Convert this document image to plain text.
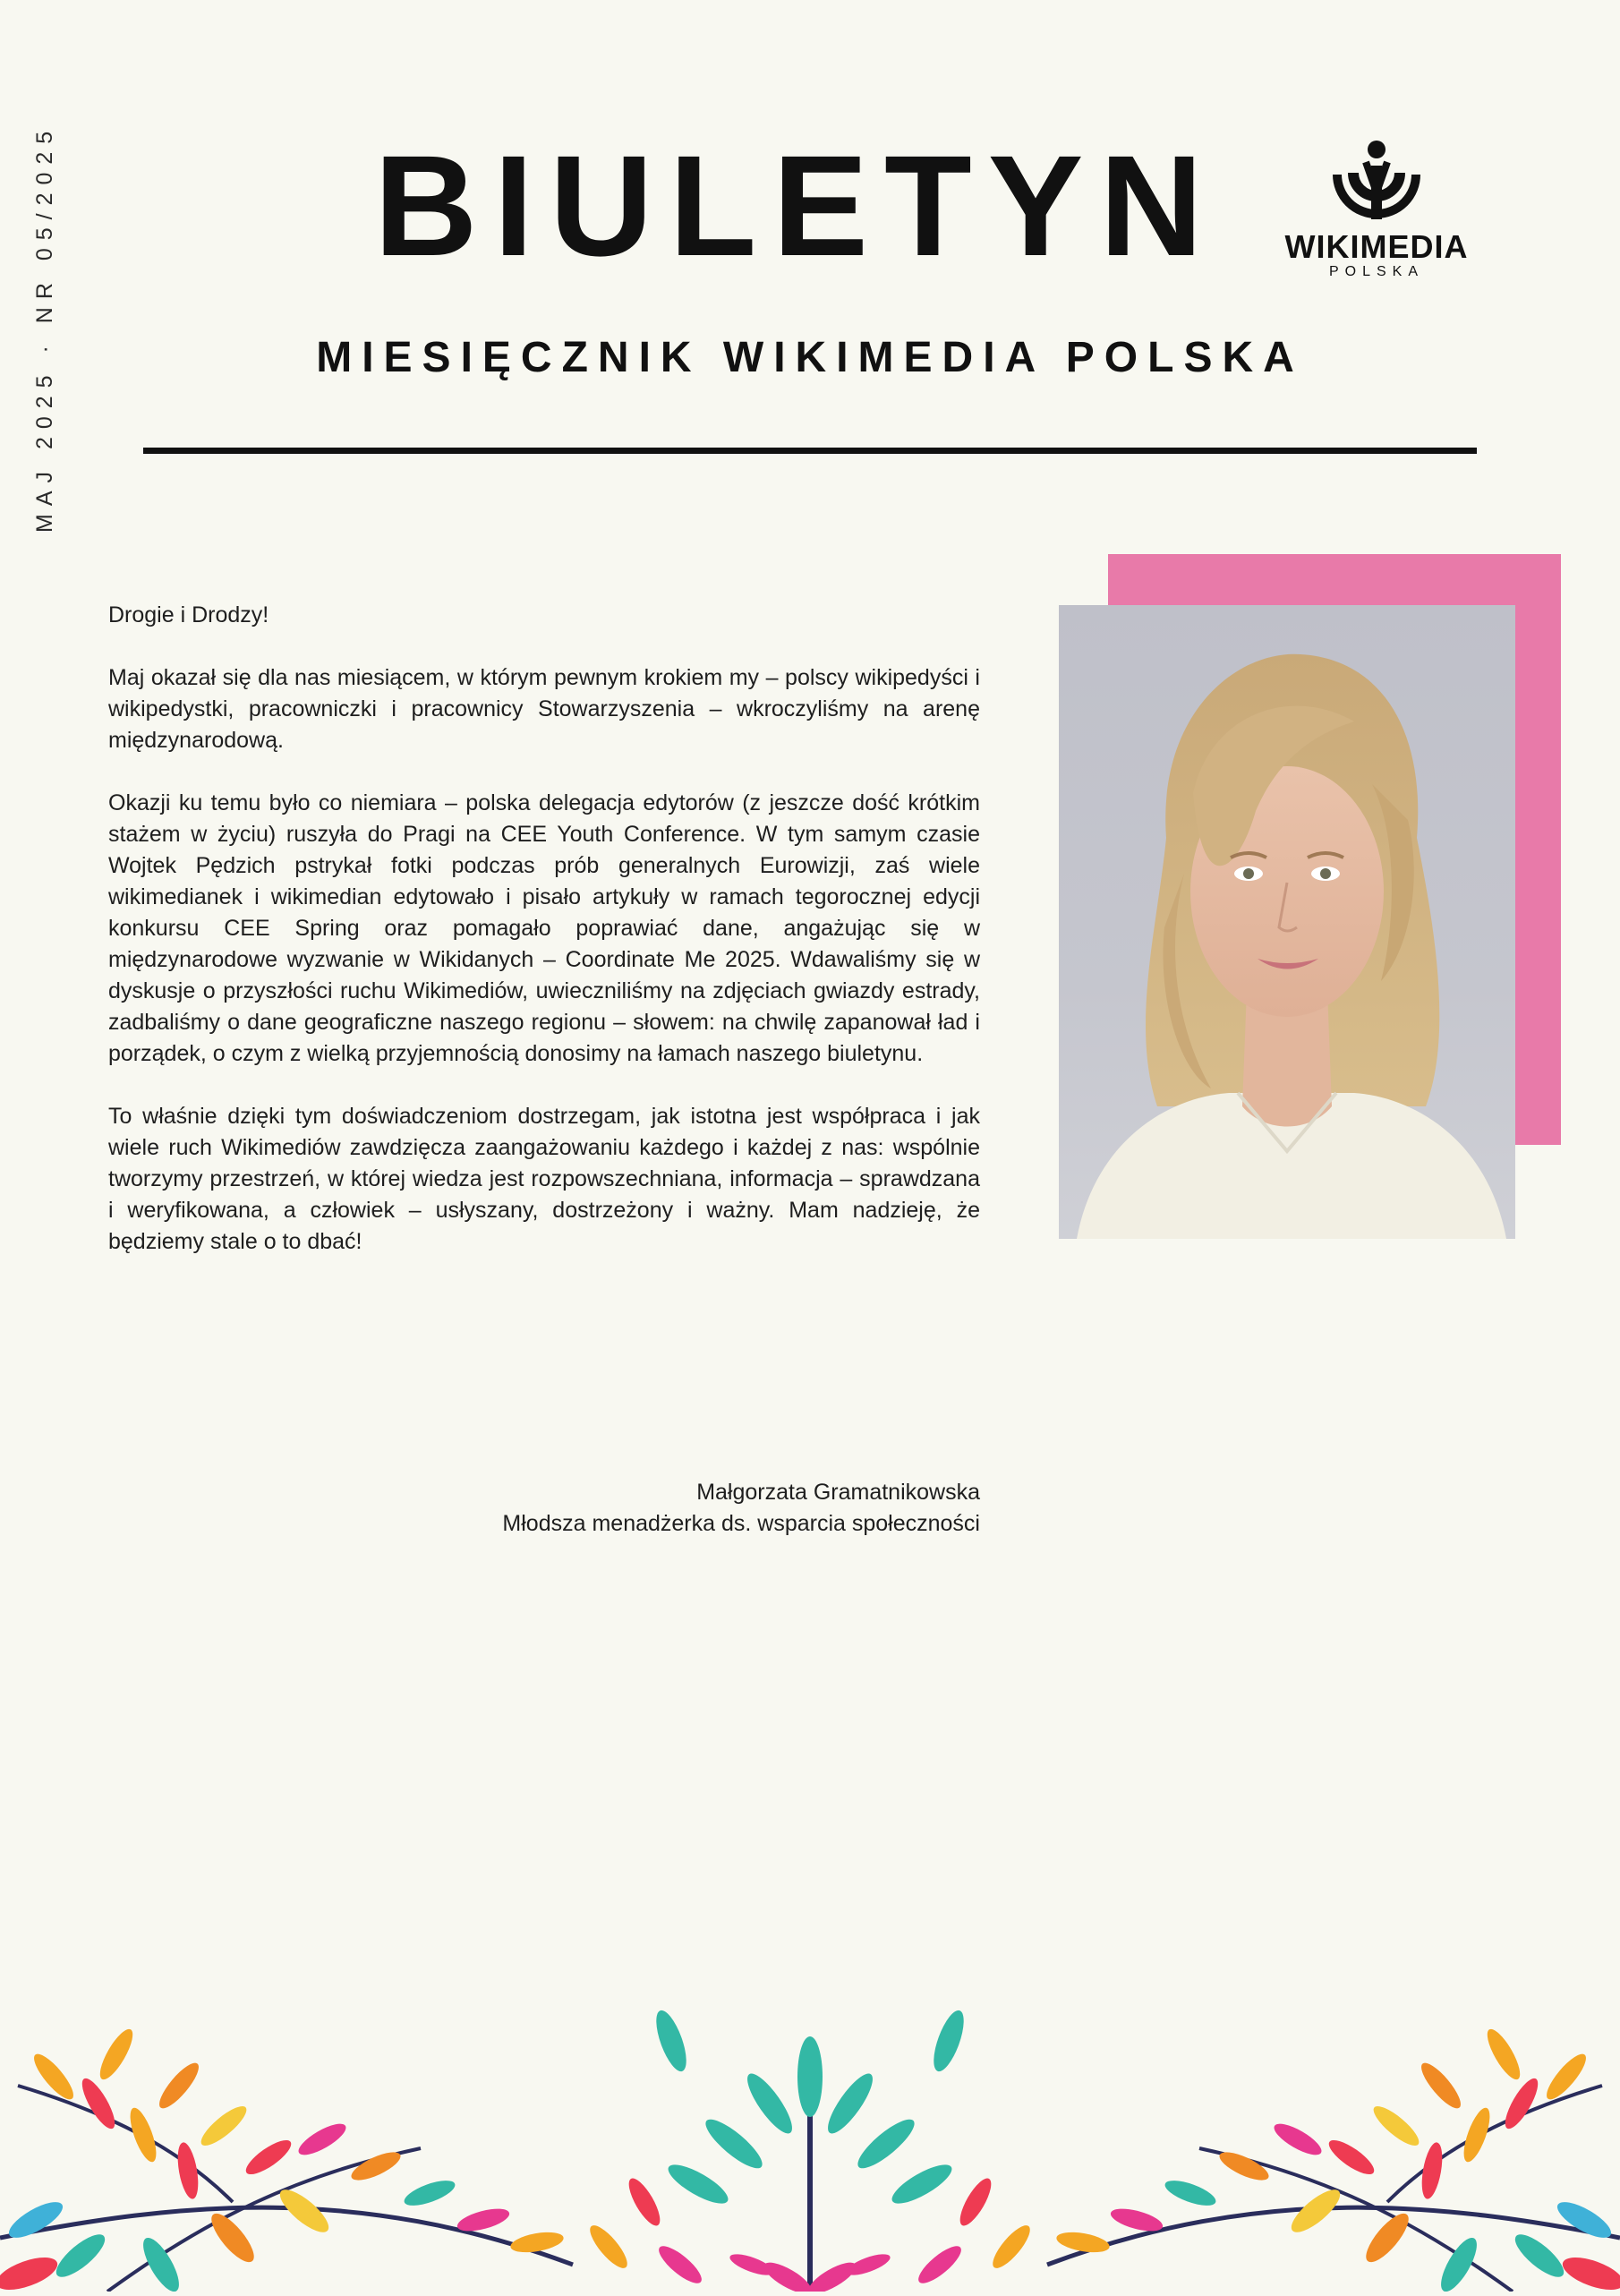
MAJ 2025 · NR 05/2025	BIULETYN	WIKIMEDIA
POLSKA
MIESIĘCZNIK WIKIMEDIA POLSKA

Drogie i Drodzy!

Maj okazał się dla nas miesiącem, w którym pewnym krokiem my – polscy wikipedyści i wikipedystki, pracowniczki i pracownicy Stowarzyszenia – wkroczyliśmy na arenę międzynarodową.

Okazji ku temu było co niemiara – polska delegacja edytorów (z jeszcze dość krótkim stażem w życiu) ruszyła do Pragi na CEE Youth Conference. W tym samym czasie Wojtek Pędzich pstrykał fotki podczas prób generalnych Eurowizji, zaś wiele wikimedianek i wikimedian edytowało i pisało artykuły w ramach tegorocznej edycji konkursu CEE Spring oraz pomagało poprawiać dane, angażując się w międzynarodowe wyzwanie w Wikidanych – Coordinate Me 2025. Wdawaliśmy się w dyskusje o przyszłości ruchu Wikimediów, uwieczniliśmy na zdjęciach gwiazdy estrady, zadbaliśmy o dane geograficzne naszego regionu – słowem: na chwilę zapanował ład i porządek, o czym z wielką przyjemnością donosimy na łamach naszego biuletynu.

To właśnie dzięki tym doświadczeniom dostrzegam, jak istotna jest współpraca i jak wiele ruch Wikimediów zawdzięcza zaangażowaniu każdego i każdej z nas: wspólnie tworzymy przestrzeń, w której wiedza jest rozpowszechniana, informacja – sprawdzana i weryfikowana, a człowiek – usłyszany, dostrzeżony i ważny. Mam nadzieję, że będziemy stale o to dbać!

Małgorzata Gramatnikowska
Młodsza menadżerka ds. wsparcia społeczności
